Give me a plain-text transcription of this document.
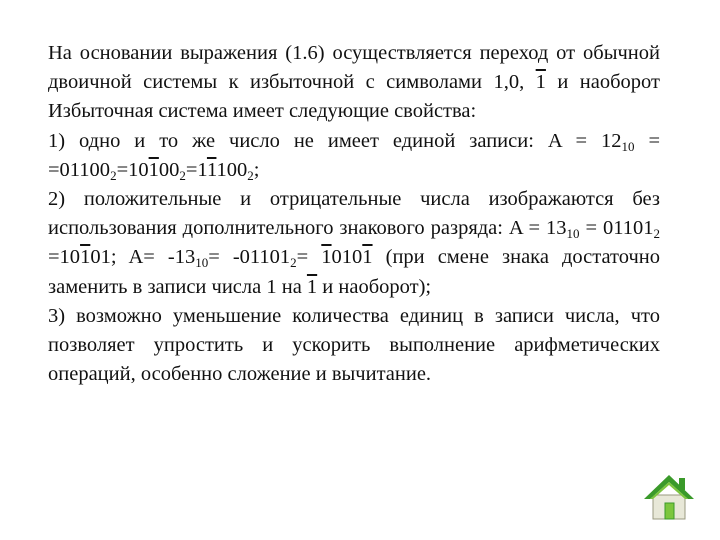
На основании выражения (1.6) осуществляется переход от обычной двоичной системы к избыточной с символами 1,0, 1 и наоборот Избыточная система имеет следующие свойства:

1) одно и то же число не имеет единой записи: $A = 12_{10} = =01100_2=10100_2=11100_2$;

2) положительные и отрицательные числа изображаются без использования дополнительного знакового разряда: $A = 13_{10} = 01101_2 =10101$; $A= -13_{10}= -01101_2= 10101$ (при смене знака достаточно заменить в записи числа 1 на 1 и наоборот);

3) возможно уменьшение количества единиц в записи числа, что позволяет упростить и ускорить выполнение арифметических операций, особенно сложение и вычитание.
